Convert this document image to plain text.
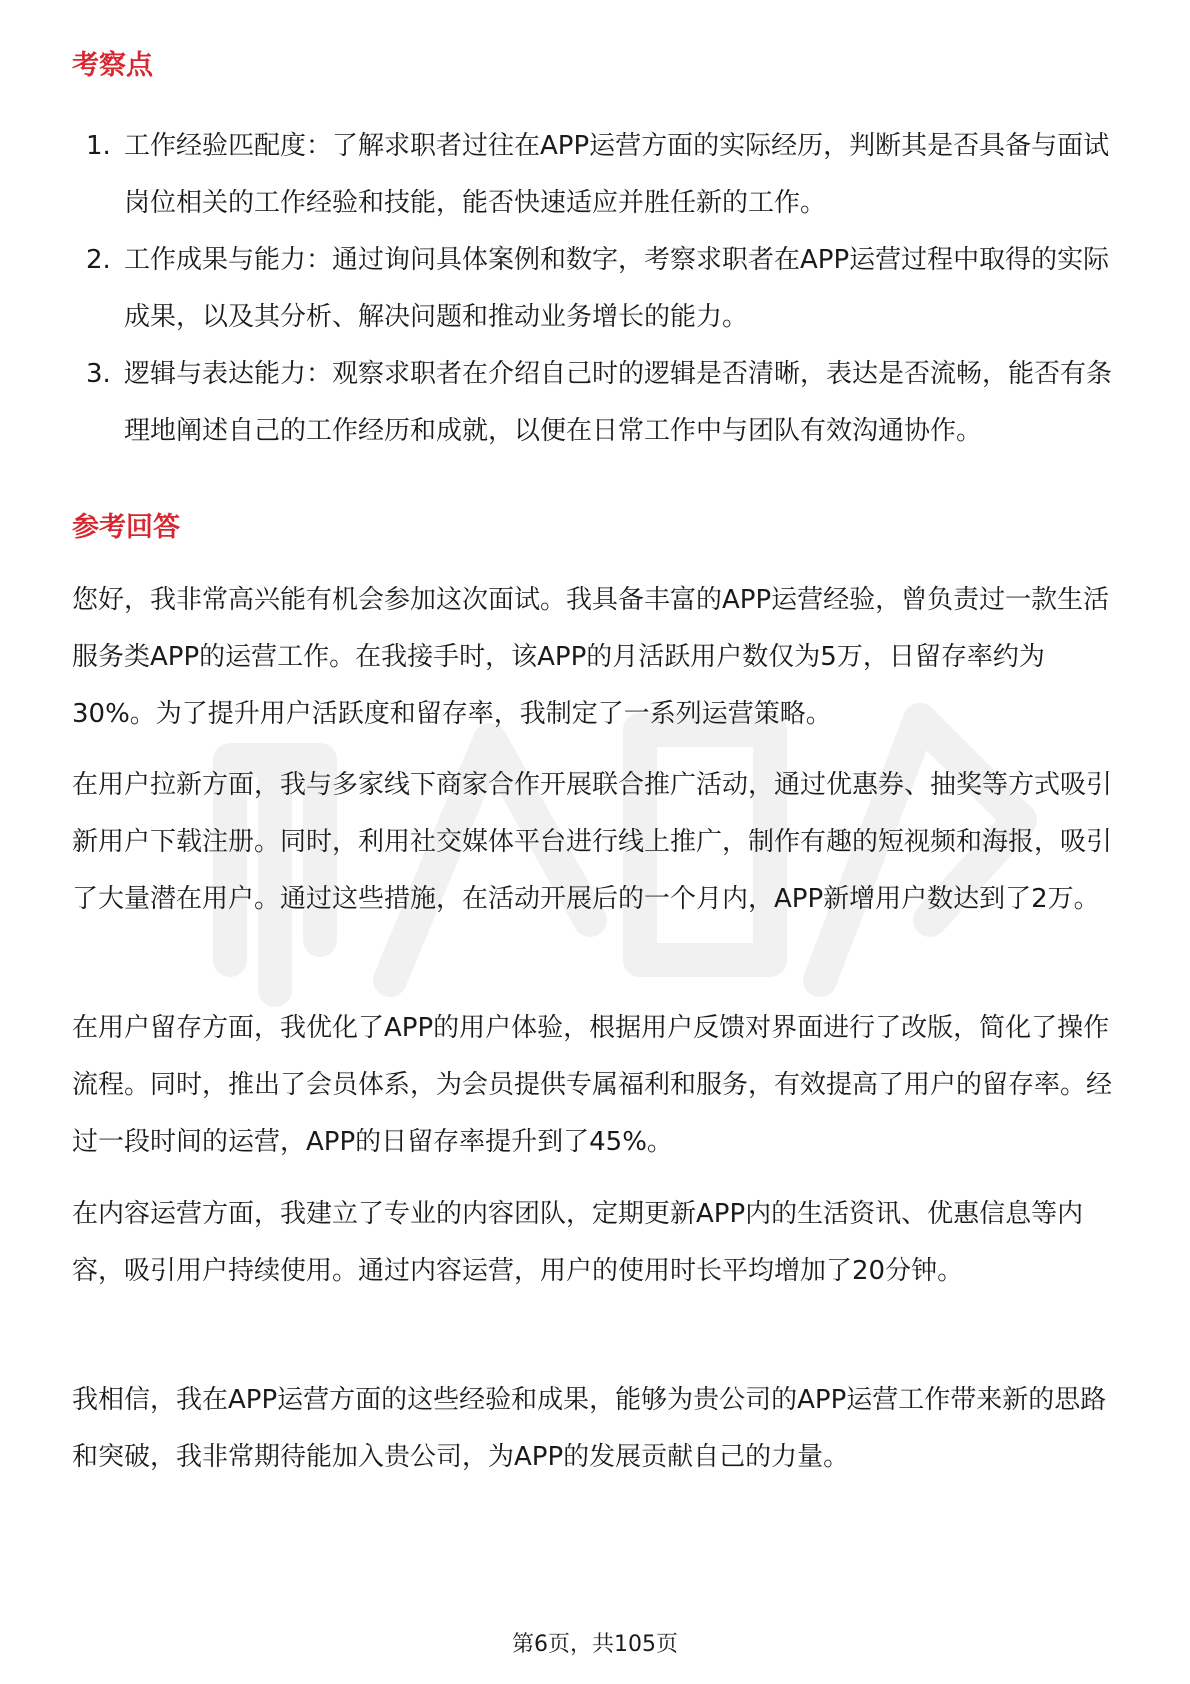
考察点
1. 工作经验匹配度：了解求职者过往在APP运营方面的实际经历，判断其是否具备与面试岗位相关的工作经验和技能，能否快速适应并胜任新的工作。
2. 工作成果与能力：通过询问具体案例和数字，考察求职者在APP运营过程中取得的实际成果，以及其分析、解决问题和推动业务增长的能力。
3. 逻辑与表达能力：观察求职者在介绍自己时的逻辑是否清晰，表达是否流畅，能否有条理地阐述自己的工作经历和成就，以便在日常工作中与团队有效沟通协作。
参考回答

您好，我非常高兴能有机会参加这次面试。我具备丰富的APP运营经验，曾负责过一款生活服务类APP的运营工作。在我接手时，该APP的月活跃用户数仅为5万，日留存率约为30%。为了提升用户活跃度和留存率，我制定了一系列运营策略。

在用户拉新方面，我与多家线下商家合作开展联合推广活动，通过优惠券、抽奖等方式吸引新用户下载注册。同时，利用社交媒体平台进行线上推广，制作有趣的短视频和海报，吸引了大量潜在用户。通过这些措施，在活动开展后的一个月内，APP新增用户数达到了2万。

在用户留存方面，我优化了APP的用户体验，根据用户反馈对界面进行了改版，简化了操作流程。同时，推出了会员体系，为会员提供专属福利和服务，有效提高了用户的留存率。经过一段时间的运营，APP的日留存率提升到了45%。

在内容运营方面，我建立了专业的内容团队，定期更新APP内的生活资讯、优惠信息等内容，吸引用户持续使用。通过内容运营，用户的使用时长平均增加了20分钟。

我相信，我在APP运营方面的这些经验和成果，能够为贵公司的APP运营工作带来新的思路和突破，我非常期待能加入贵公司，为APP的发展贡献自己的力量。

第6页，共105页
